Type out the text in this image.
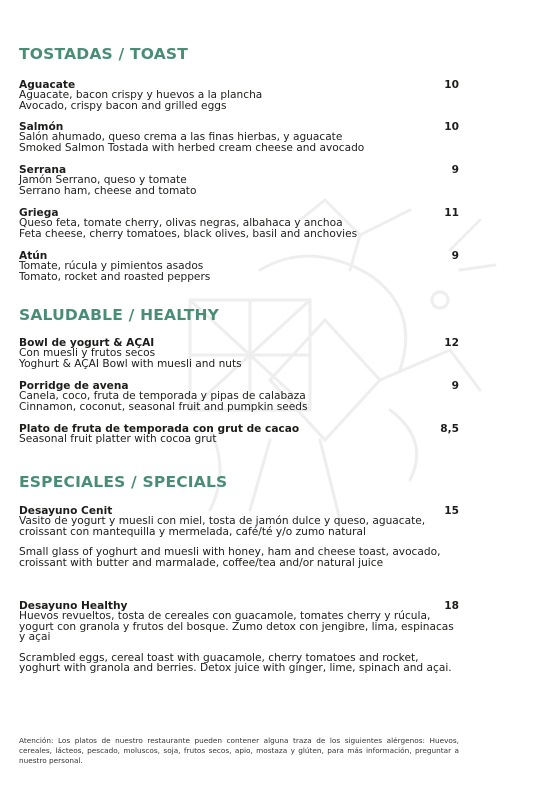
TOSTADAS / TOAST
Aguacate	10
Aguacate, bacon crispy y huevos a la plancha
Avocado, crispy bacon and grilled eggs
Salmón	10
Salón ahumado, queso crema a las finas hierbas, y aguacate
Smoked Salmon Tostada with herbed cream cheese and avocado
Serrana	9
Jamón Serrano, queso y tomate
Serrano ham, cheese and tomato
Griega	11
Queso feta, tomate cherry, olivas negras, albahaca y anchoa
Feta cheese, cherry tomatoes, black olives, basil and anchovies
Atún	9
Tomate, rúcula y pimientos asados
Tomato, rocket and roasted peppers
SALUDABLE / HEALTHY
Bowl de yogurt & AÇAI	12
Con muesli y frutos secos
Yoghurt & AÇAI Bowl with muesli and nuts
Porridge de avena	9
Canela, coco, fruta de temporada y pipas de calabaza
Cinnamon, coconut, seasonal fruit and pumpkin seeds
Plato de fruta de temporada con grut de cacao	8,5
Seasonal fruit platter with cocoa grut
ESPECIALES / SPECIALS
Desayuno Cenit	15
Vasito de yogurt y muesli con miel, tosta de jamón dulce y queso, aguacate, croissant con mantequilla y mermelada, café/té y/o zumo natural
Small glass of yoghurt and muesli with honey, ham and cheese toast, avocado, croissant with butter and marmalade, coffee/tea and/or natural juice
Desayuno Healthy	18
Huevos revueltos, tosta de cereales con guacamole, tomates cherry y rúcula, yogurt con granola y frutos del bosque. Zumo detox con jengibre, lima, espinacas y açai
Scrambled eggs, cereal toast with guacamole, cherry tomatoes and rocket, yoghurt with granola and berries. Detox juice with ginger, lime, spinach and açai.

Atención: Los platos de nuestro restaurante pueden contener alguna traza de los siguientes alérgenos: Huevos, cereales, lácteos, pescado, moluscos, soja, frutos secos, apio, mostaza y glúten, para más información, preguntar a nuestro personal.
